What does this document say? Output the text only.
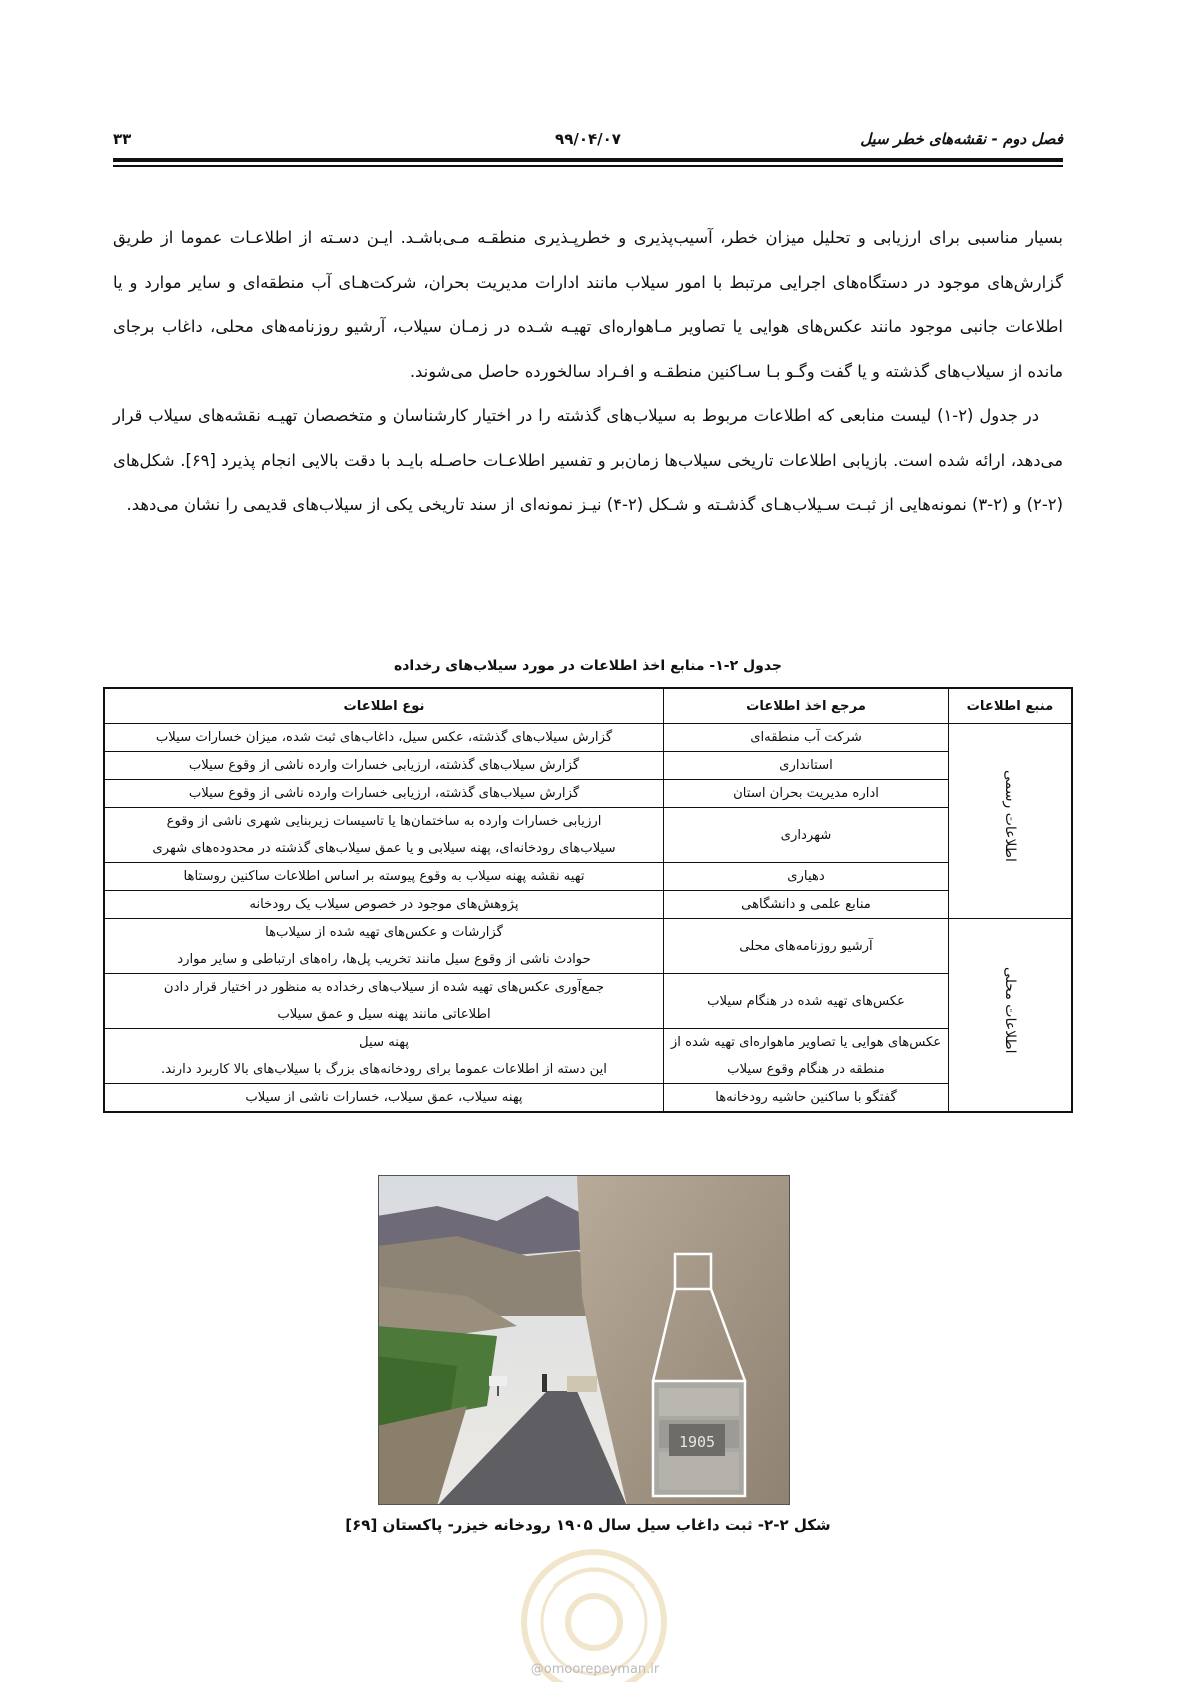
فصل دوم - نقشه‌های خطر سیل
۹۹/۰۴/۰۷
۳۳

بسیار مناسبی برای ارزیابی و تحلیل میزان خطر، آسیب‌پذیری و خطرپـذیری منطقـه مـی‌باشـد. ایـن دسـته از اطلاعـات عموما از طریق گزارش‌های موجود در دستگاه‌های اجرایی مرتبط با امور سیلاب مانند ادارات مدیریت بحران، شرکت‌هـای آب منطقه‌ای و سایر موارد و یا اطلاعات جانبی موجود مانند عکس‌های هوایی یا تصاویر مـاهواره‌ای تهیـه شـده در زمـان سیلاب، آرشیو روزنامه‌های محلی، داغاب برجای مانده از سیلاب‌های گذشته و یا گفت وگـو بـا سـاکنین منطقـه و افـراد سالخورده حاصل می‌شوند.

در جدول (۲-۱) لیست منابعی که اطلاعات مربوط به سیلاب‌های گذشته را در اختیار کارشناسان و متخصصان تهیـه نقشه‌های سیلاب قرار می‌دهد، ارائه شده است. بازیابی اطلاعات تاریخی سیلاب‌ها زمان‌بر و تفسیر اطلاعـات حاصـله بایـد با دقت بالایی انجام پذیرد [۶۹]. شکل‌های (۲-۲) و (۲-۳) نمونه‌هایی از ثبـت سـیلاب‌هـای گذشـته و شـکل (۲-۴) نیـز نمونه‌ای از سند تاریخی یکی از سیلاب‌های قدیمی را نشان می‌دهد.

جدول ۲-۱- منابع اخذ اطلاعات در مورد سیلاب‌های رخداده
منبع اطلاعات	مرجع اخذ اطلاعات	نوع اطلاعات
اطلاعات رسمی	شرکت آب منطقه‌ای	گزارش سیلاب‌های گذشته، عکس سیل، داغاب‌های ثبت شده، میزان خسارات سیلاب

	استانداری	گزارش سیلاب‌های گذشته، ارزیابی خسارات وارده ناشی از وقوع سیلاب

	اداره مدیریت بحران استان	گزارش سیلاب‌های گذشته، ارزیابی خسارات وارده ناشی از وقوع سیلاب

	شهرداری	ارزیابی خسارات وارده به ساختمان‌ها یا تاسیسات زیربنایی شهری ناشی از وقوع
سیلاب‌های رودخانه‌ای، پهنه سیلابی و یا عمق سیلاب‌های گذشته در محدوده‌های شهری

	دهیاری	تهیه نقشه پهنه سیلاب به وقوع پیوسته بر اساس اطلاعات ساکنین روستاها

	منابع علمی و دانشگاهی	پژوهش‌های موجود در خصوص سیلاب یک رودخانه

اطلاعات محلی	آرشیو روزنامه‌های محلی	گزارشات و عکس‌های تهیه شده از سیلاب‌ها
حوادث ناشی از وقوع سیل مانند تخریب پل‌ها، راه‌های ارتباطی و سایر موارد

	عکس‌های تهیه شده در هنگام سیلاب	جمع‌آوری عکس‌های تهیه شده از سیلاب‌های رخداده به منظور در اختیار قرار دادن
اطلاعاتی مانند پهنه سیل و عمق سیلاب

	عکس‌های هوایی یا تصاویر ماهواره‌ای تهیه شده از منطقه در هنگام وقوع سیلاب	پهنه سیل
این دسته از اطلاعات عموما برای رودخانه‌های بزرگ با سیلاب‌های بالا کاربرد دارند.

	گفتگو با ساکنین حاشیه رودخانه‌ها	پهنه سیلاب، عمق سیلاب، خسارات ناشی از سیلاب
1905
شکل ۲-۲- ثبت داغاب سیل سال ۱۹۰۵ رودخانه خیزر- پاکستان [۶۹]
@omoorepeyman.ir
